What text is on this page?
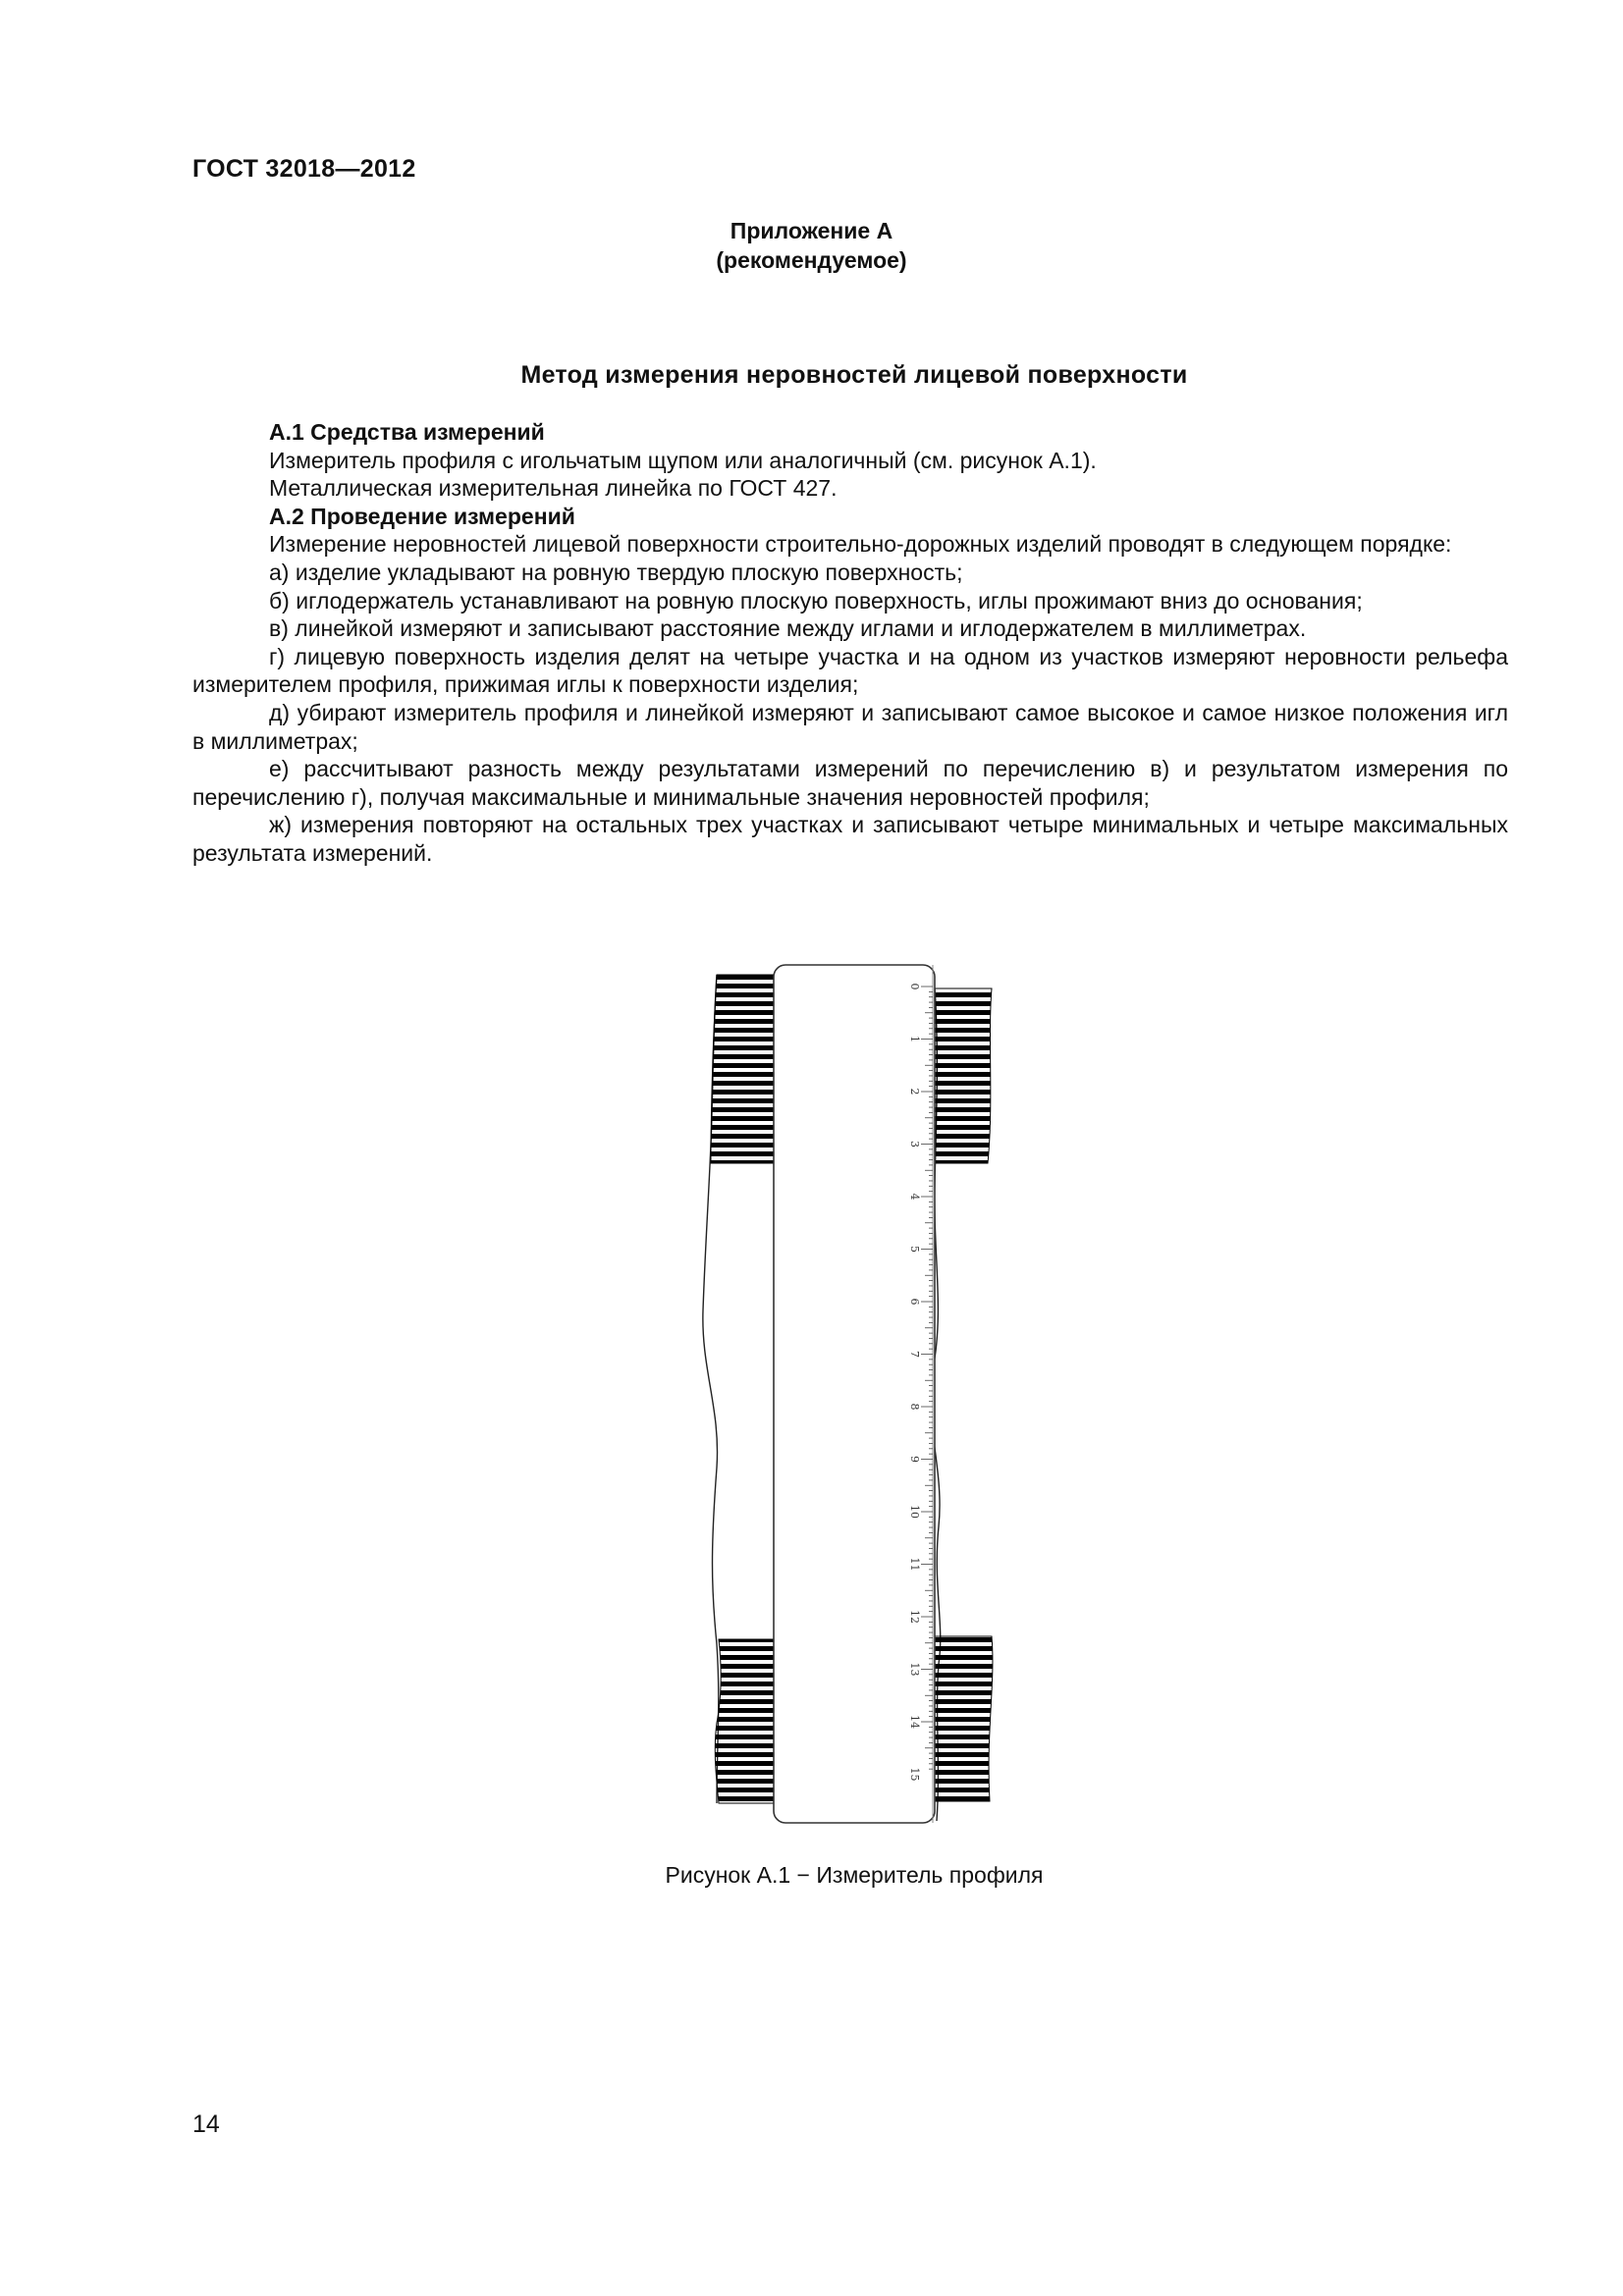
ГОСТ 32018—2012
Приложение А
(рекомендуемое)
Метод измерения неровностей лицевой поверхности

А.1 Средства измерений

Измеритель профиля с игольчатым щупом или аналогичный (см. рисунок А.1).

Металлическая измерительная линейка по ГОСТ 427.

А.2 Проведение измерений

Измерение неровностей лицевой поверхности строительно-дорожных изделий проводят в следующем порядке:

а) изделие укладывают на ровную твердую плоскую поверхность;

б) иглодержатель устанавливают на ровную плоскую поверхность, иглы прожимают вниз до основания;

в) линейкой измеряют и записывают расстояние между иглами и иглодержателем в миллиметрах.

г) лицевую поверхность изделия делят на четыре участка и на одном из участков измеряют неровности рельефа измерителем профиля, прижимая иглы к поверхности изделия;

д) убирают измеритель профиля и линейкой измеряют и записывают самое высокое и самое низкое положения игл в миллиметрах;

е) рассчитывают разность между результатами измерений по перечислению в) и результатом измерения по перечислению г), получая максимальные и минимальные значения неровностей профиля;

ж) измерения повторяют на остальных трех участках и записывают четыре минимальных и четыре максимальных результата измерений.

0
1
2
3
4
5
6
7
8
9
10
11
12
13
14
15
Рисунок А.1 − Измеритель профиля
14
